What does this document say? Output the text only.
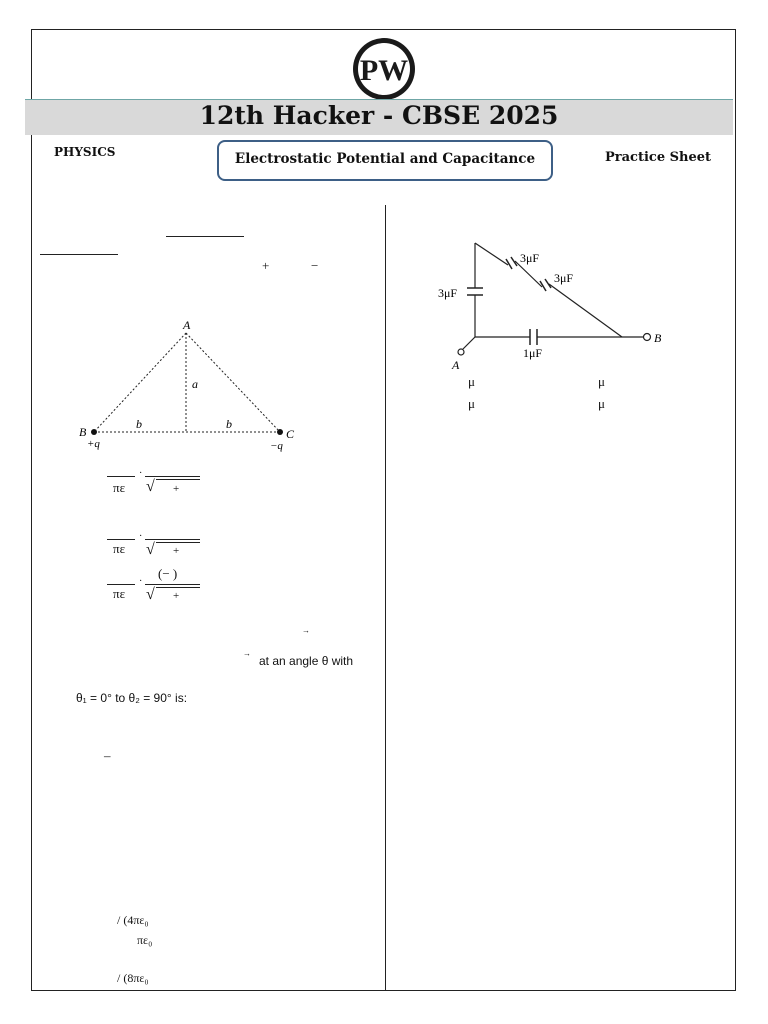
PW
12th Hacker - CBSE 2025
PHYSICS	Electrostatic Potential and Capacitance	Practice Sheet
+	−
A
a
B	C
b	b
+q	−q
·
πε √ +
·
πε √ +
(− )
·
πε √ +
→
→
at an angle θ with
θ₁ = 0° to θ₂ = 90° is:
–
/ (4πε₀
πε₀
/ (8πε₀
3μF
3μF
3μF
1μF
A
B
μ	μ
μ	μ
